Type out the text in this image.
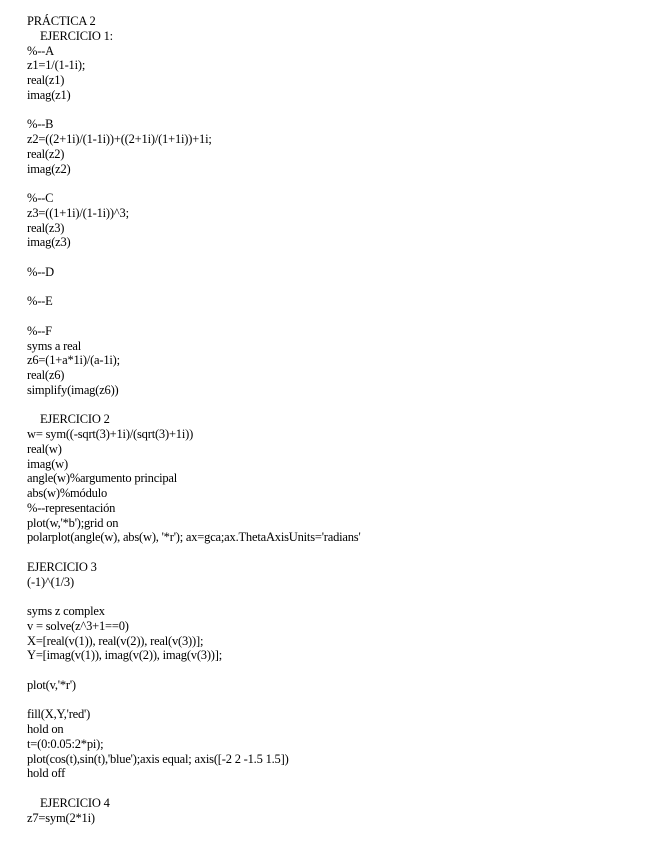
PRÁCTICA 2
EJERCICIO 1:
%--A
z1=1/(1-1i);
real(z1)
imag(z1)
%--B
z2=((2+1i)/(1-1i))+((2+1i)/(1+1i))+1i;
real(z2)
imag(z2)
%--C
z3=((1+1i)/(1-1i))^3;
real(z3)
imag(z3)
%--D
%--E
%--F
syms a real
z6=(1+a*1i)/(a-1i);
real(z6)
simplify(imag(z6))
EJERCICIO 2
w= sym((-sqrt(3)+1i)/(sqrt(3)+1i))
real(w)
imag(w)
angle(w)%argumento principal
abs(w)%módulo
%--representación
plot(w,'*b');grid on
polarplot(angle(w), abs(w), '*r'); ax=gca;ax.ThetaAxisUnits='radians'
EJERCICIO 3
(-1)^(1/3)
syms z complex
v = solve(z^3+1==0)
X=[real(v(1)), real(v(2)), real(v(3))];
Y=[imag(v(1)), imag(v(2)), imag(v(3))];
plot(v,'*r')
fill(X,Y,'red')
hold on
t=(0:0.05:2*pi);
plot(cos(t),sin(t),'blue');axis equal; axis([-2 2 -1.5 1.5])
hold off
EJERCICIO 4
z7=sym(2*1i)
